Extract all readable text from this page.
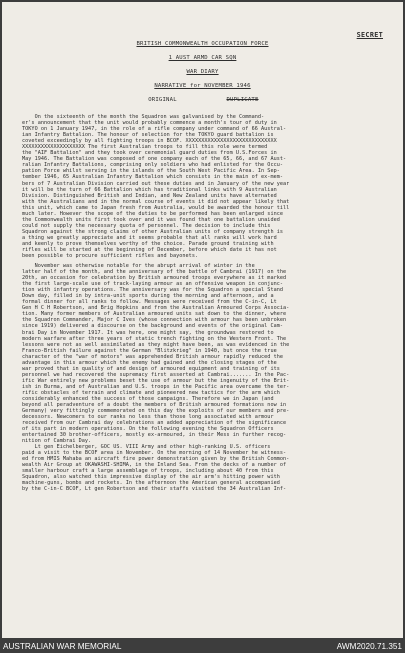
SECRET
BRITISH COMMONWEALTH OCCUPATION FORCE
1 AUST ARMD CAR SQN
WAR DIARY
NARRATIVE for NOVEMBER 1946
ORIGINAL	DUPLICATE
On the sixteenth of the month the Squadron was galvanised by the Command-
er's announcement that the unit would probably commence a month's tour of duty in
TOKYO on 1 January 1947, in the role of a rifle company under command of 66 Austral-
ian Infantry Battalion. The honour of selection for the TOKYO guard battalion is
coveted exceedingly by all fighting troops in BCOF. XXXXXXXXXXXXXXXXXXXXXXXXXXXXX
XXXXXXXXXXXXXXXXXXXX The first Australian troops to fill this role were termed
the "AIF Battalion" and they took over ceremonial guard duties from U.S.Forces in
May 1946. The Battalion was composed of one company each of the 65, 66, and 67 Aust-
ralian Infantry Battalions, comprising only soldiers who had enlisted for the Occu-
pation Force whilst serving in the islands of the South West Pacific Area. In Sep-
tember 1946, 65 Australian Infantry Battalion which consists in the main of ex-mem-
bers of 7 Australian Division carried out these duties and in January of the new year
it will be the turn of 66 Battalion which has traditional links with 9 Australian
Division. Distinguished British and Indian, and New Zealand units have alternated
with the Australians and in the normal course of events it did not appear likely that
this unit, which came to Japan fresh from Australia, would be awarded the honour till
much later. However the scope of the duties to be performed has been enlarged since
the Commonwealth units first took over and it was found that one battalion unaided
could not supply the necessary quota of personnel. The decision to include this
Squadron against the strong claims of other Australian units of company strength is
a thing we greatly appreciate and it seems probable that all ranks will work hard
and keenly to prove themselves worthy of the choice. Parade ground training with
rifles will be started at the beginning of December, before which date it has not
been possible to procure sufficient rifles and bayonets.
November was otherwise notable for the abrupt arrival of winter in the
latter half of the month, and the anniversary of the battle of Cambrai (1917) on the
20th, an occasion for celebration by British armoured troops everywhere as it marked
the first large-scale use of track-laying armour as an offensive weapon in conjunc-
tion with infantry operations. The anniversary was for the Squadron a special Stand
Down day, filled in by intra-unit sports during the morning and afternoon, and a
formal dinner for all ranks to follow. Messages were received from the C-in-C, Lt
Gen H C H Robertson, and Brig Hopkins and from the Australian Armoured Corps Associa-
tion. Many former members of Australian armoured units sat down to the dinner, where
the Squadron Commander, Major C Ives (whose connection with armour has been unbroken
since 1919) delivered a discourse on the background and events of the original Cam-
brai Day in November 1917. It was here, one might say, the groundwas restored to
modern warfare after three years of static trench fighting on the Western Front. The
lessons were not as well assimilated as they might have been, as was evidenced in the
Franco-British failure against the German "Blitzkrieg" in 1940, but once the true
character of the "war of motors" was apprehended British armour rapidly reduced the
advantage in this armour which the enemy had gained and the closing stages of the
war proved that in quality of and design of armoured equipment and training of its
personnel we had recovered the supremacy first asserted at Cambrai....... In the Pac-
ific War entirely new problems beset the use of armour but the ingenuity of the Brit-
ish in Burma, and of Australian and U.S. troops in the Pacific area overcame the ter-
rific obstacles of terrain and climate and pioneered new tactics for the arm which
considerably enhanced the success of those campaigns. Therefore we in Japan (and
beyond all peradventure of a doubt the members of British armoured formations now in
Germany) very fittingly commemorated on this day the exploits of our members and pre-
decessors. Newcomers to our ranks no less than those long associated with armour
received from our Cambrai day celebrations an added appreciation of the significance
of its part in modern operations. On the following evening the Squadron Officers
entertained 30 brother-officers, mostly ex-armoured, in their Mess in further recog-
nition of Cambrai Day.
Lt gen Eichelberger, GOC US. VIII Army and other high-ranking U.S. officers
paid a visit to the BCOF area in November. On the morning of 14 November he witness-
ed from HMIS Mahaba an aircraft fire power demonstration given by the British Common-
wealth Air Group at OKAWASHI-SHIMA, in the Inland Sea. From the decks of a number of
smaller harbour craft a large assemblage of troops, including about 40 from this
Squadron, also watched this impressive display of the air arm's hitting power with
machine-guns, bombs and rockets. In the afternoon the American general accompanied
by the C-in-C BCOF, Lt gen Robertson and their staffs visited the 34 Australian Inf-
AUSTRALIAN WAR MEMORIAL	AWM2020.71.351
